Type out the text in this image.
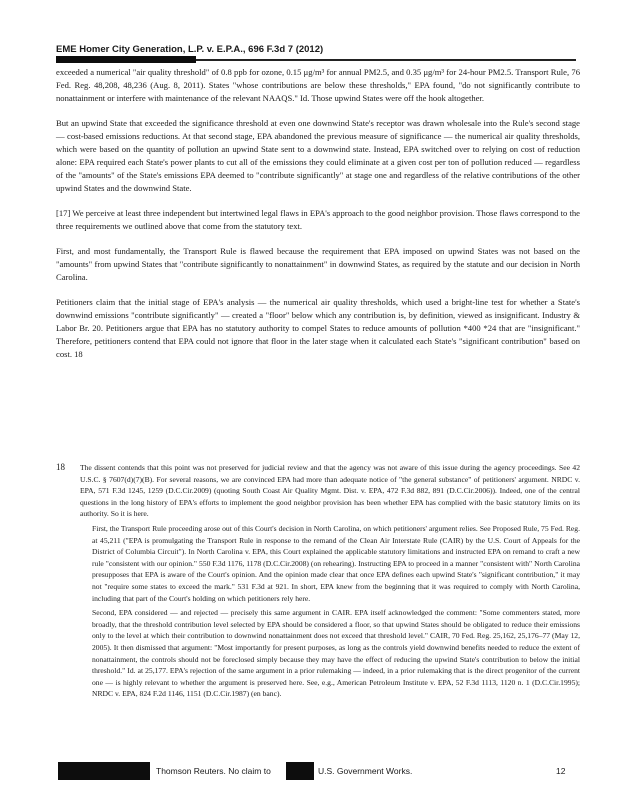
EME Homer City Generation, L.P. v. E.P.A., 696 F.3d 7 (2012)

exceeded a numerical "air quality threshold" of 0.8 ppb for ozone, 0.15 μg/m³ for annual PM2.5, and 0.35 μg/m³ for 24-hour PM2.5. Transport Rule, 76 Fed. Reg. 48,208, 48,236 (Aug. 8, 2011). States "whose contributions are below these thresholds," EPA found, "do not significantly contribute to nonattainment or interfere with maintenance of the relevant NAAQS." Id. Those upwind States were off the hook altogether.

But an upwind State that exceeded the significance threshold at even one downwind State's receptor was drawn wholesale into the Rule's second stage — cost-based emissions reductions. At that second stage, EPA abandoned the previous measure of significance — the numerical air quality thresholds, which were based on the quantity of pollution an upwind State sent to a downwind state. Instead, EPA switched over to relying on cost of reduction alone: EPA required each State's power plants to cut all of the emissions they could eliminate at a given cost per ton of pollution reduced — regardless of the "amounts" of the State's emissions EPA deemed to "contribute significantly" at stage one and regardless of the relative contributions of the other upwind States and the downwind State.

[17] We perceive at least three independent but intertwined legal flaws in EPA's approach to the good neighbor provision. Those flaws correspond to the three requirements we outlined above that come from the statutory text.

First, and most fundamentally, the Transport Rule is flawed because the requirement that EPA imposed on upwind States was not based on the "amounts" from upwind States that "contribute significantly to nonattainment" in downwind States, as required by the statute and our decision in North Carolina.

Petitioners claim that the initial stage of EPA's analysis — the numerical air quality thresholds, which used a bright-line test for whether a State's downwind emissions "contribute significantly" — created a "floor" below which any contribution is, by definition, viewed as insignificant. Industry & Labor Br. 20. Petitioners argue that EPA has no statutory authority to compel States to reduce amounts of pollution *400 *24 that are "insignificant." Therefore, petitioners contend that EPA could not ignore that floor in the later stage when it calculated each State's "significant contribution" based on cost. 18

18 The dissent contends that this point was not preserved for judicial review and that the agency was not aware of this issue during the agency proceedings. See 42 U.S.C. § 7607(d)(7)(B). For several reasons, we are convinced EPA had more than adequate notice of "the general substance" of petitioners' argument. NRDC v. EPA, 571 F.3d 1245, 1259 (D.C.Cir.2009) (quoting South Coast Air Quality Mgmt. Dist. v. EPA, 472 F.3d 882, 891 (D.C.Cir.2006)). Indeed, one of the central questions in the long history of EPA's efforts to implement the good neighbor provision has been whether EPA has complied with the basic statutory limits on its authority. So it is here.

First, the Transport Rule proceeding arose out of this Court's decision in North Carolina, on which petitioners' argument relies. See Proposed Rule, 75 Fed. Reg. at 45,211 ("EPA is promulgating the Transport Rule in response to the remand of the Clean Air Interstate Rule (CAIR) by the U.S. Court of Appeals for the District of Columbia Circuit"). In North Carolina v. EPA, this Court explained the applicable statutory limitations and instructed EPA on remand to craft a new rule "consistent with our opinion." 550 F.3d 1176, 1178 (D.C.Cir.2008) (on rehearing). Instructing EPA to proceed in a manner "consistent with" North Carolina presupposes that EPA is aware of the Court's opinion. And the opinion made clear that once EPA defines each upwind State's "significant contribution," it may not "require some states to exceed the mark." 531 F.3d at 921. In short, EPA knew from the beginning that it was required to comply with North Carolina, including that part of the Court's holding on which petitioners rely here.

Second, EPA considered — and rejected — precisely this same argument in CAIR. EPA itself acknowledged the comment: "Some commenters stated, more broadly, that the threshold contribution level selected by EPA should be considered a floor, so that upwind States should be obligated to reduce their emissions only to the level at which their contribution to downwind nonattainment does not exceed that threshold level." CAIR, 70 Fed. Reg. 25,162, 25,176–77 (May 12, 2005). It then dismissed that argument: "Most importantly for present purposes, as long as the controls yield downwind benefits needed to reduce the extent of nonattainment, the controls should not be foreclosed simply because they may have the effect of reducing the upwind State's contribution to below the initial threshold." Id. at 25,177. EPA's rejection of the same argument in a prior rulemaking — indeed, in a prior rulemaking that is the direct progenitor of the current one — is highly relevant to whether the argument is preserved here. See, e.g., American Petroleum Institute v. EPA, 52 F.3d 1113, 1120 n. 1 (D.C.Cir.1995); NRDC v. EPA, 824 F.2d 1146, 1151 (D.C.Cir.1987) (en banc).

Thomson Reuters. No claim to	U.S. Government Works.	12
